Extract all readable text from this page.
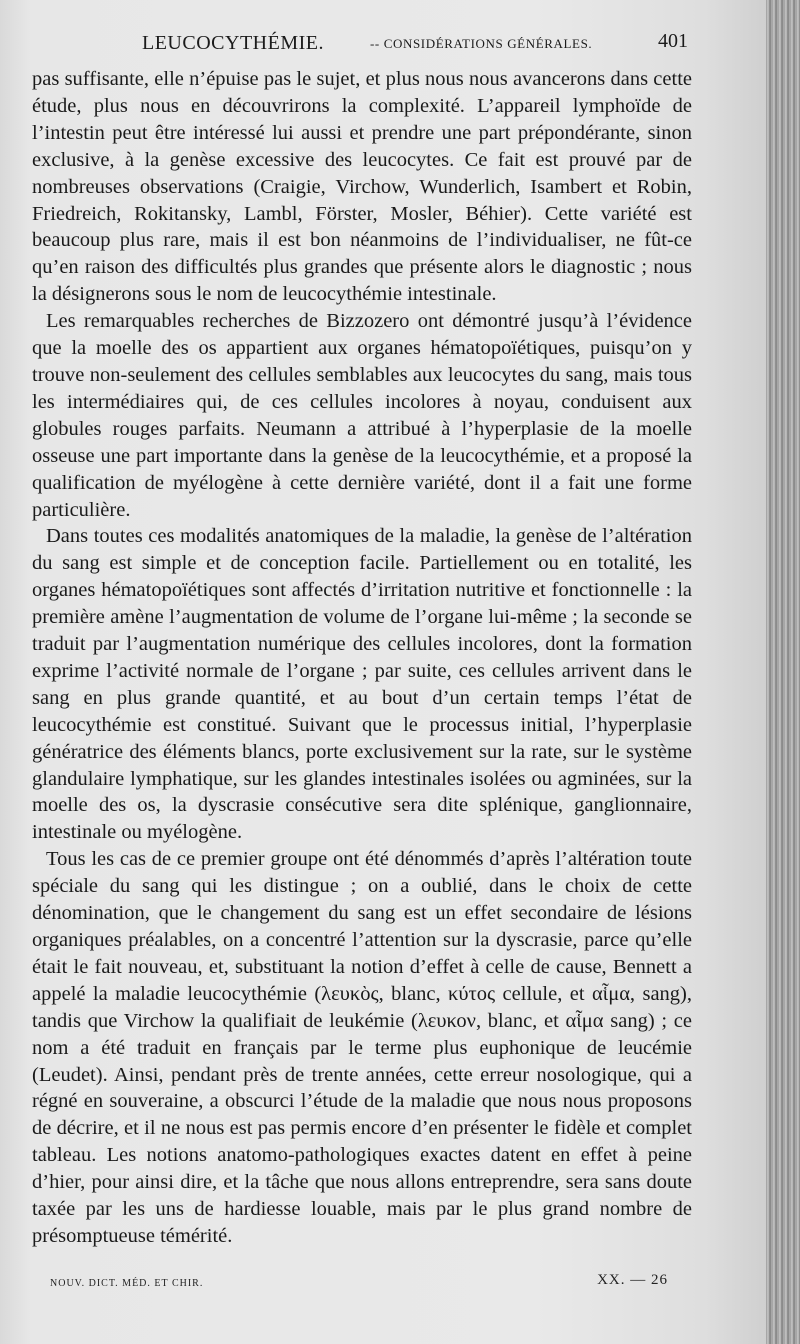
LEUCOCYTHÉMIE.	-- CONSIDÉRATIONS GÉNÉRALES.	401

pas suffisante, elle n’épuise pas le sujet, et plus nous nous avancerons dans cette étude, plus nous en découvrirons la complexité. L’appareil lymphoïde de l’intestin peut être intéressé lui aussi et prendre une part prépondérante, sinon exclusive, à la genèse excessive des leucocytes. Ce fait est prouvé par de nombreuses observations (Craigie, Virchow, Wunderlich, Isambert et Robin, Friedreich, Rokitansky, Lambl, Förster, Mosler, Béhier). Cette variété est beaucoup plus rare, mais il est bon néanmoins de l’individualiser, ne fût-ce qu’en raison des difficultés plus grandes que présente alors le diagnostic ; nous la désignerons sous le nom de leucocythémie intestinale.

Les remarquables recherches de Bizzozero ont démontré jusqu’à l’évidence que la moelle des os appartient aux organes hématopoïétiques, puisqu’on y trouve non-seulement des cellules semblables aux leucocytes du sang, mais tous les intermédiaires qui, de ces cellules incolores à noyau, conduisent aux globules rouges parfaits. Neumann a attribué à l’hyperplasie de la moelle osseuse une part importante dans la genèse de la leucocythémie, et a proposé la qualification de myélogène à cette dernière variété, dont il a fait une forme particulière.

Dans toutes ces modalités anatomiques de la maladie, la genèse de l’altération du sang est simple et de conception facile. Partiellement ou en totalité, les organes hématopoïétiques sont affectés d’irritation nutritive et fonctionnelle : la première amène l’augmentation de volume de l’organe lui-même ; la seconde se traduit par l’augmentation numérique des cellules incolores, dont la formation exprime l’activité normale de l’organe ; par suite, ces cellules arrivent dans le sang en plus grande quantité, et au bout d’un certain temps l’état de leucocythémie est constitué. Suivant que le processus initial, l’hyperplasie génératrice des éléments blancs, porte exclusivement sur la rate, sur le système glandulaire lymphatique, sur les glandes intestinales isolées ou agminées, sur la moelle des os, la dyscrasie consécutive sera dite splénique, ganglionnaire, intestinale ou myélogène.

Tous les cas de ce premier groupe ont été dénommés d’après l’altération toute spéciale du sang qui les distingue ; on a oublié, dans le choix de cette dénomination, que le changement du sang est un effet secondaire de lésions organiques préalables, on a concentré l’attention sur la dyscrasie, parce qu’elle était le fait nouveau, et, substituant la notion d’effet à celle de cause, Bennett a appelé la maladie leucocythémie (λευκὸς, blanc, κύτος cellule, et αἷμα, sang), tandis que Virchow la qualifiait de leukémie (λευκον, blanc, et αἷμα sang) ; ce nom a été traduit en français par le terme plus euphonique de leucémie (Leudet). Ainsi, pendant près de trente années, cette erreur nosologique, qui a régné en souveraine, a obscurci l’étude de la maladie que nous nous proposons de décrire, et il ne nous est pas permis encore d’en présenter le fidèle et complet tableau. Les notions anatomo-pathologiques exactes datent en effet à peine d’hier, pour ainsi dire, et la tâche que nous allons entreprendre, sera sans doute taxée par les uns de hardiesse louable, mais par le plus grand nombre de présomptueuse témérité.

NOUV. DICT. MÉD. ET CHIR.	XX. — 26
